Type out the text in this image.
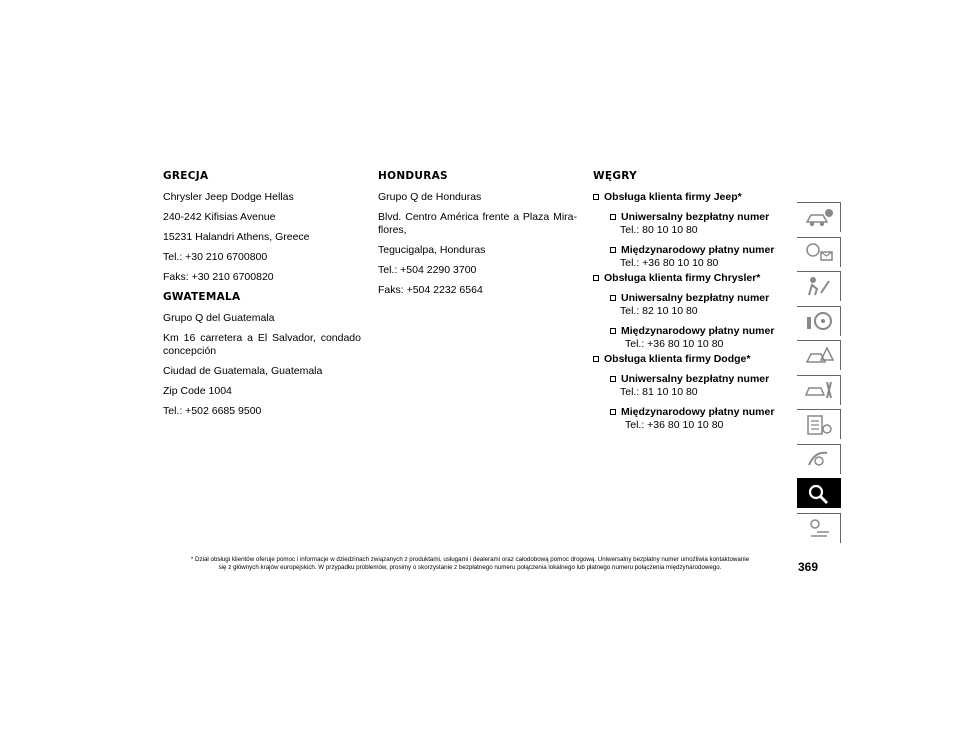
GRECJA

Chrysler Jeep Dodge Hellas

240-242 Kifisias Avenue

15231 Halandri Athens, Greece

Tel.: +30 210 6700800

Faks: +30 210 6700820

GWATEMALA

Grupo Q del Guatemala

Km 16 carretera a El Salvador, condado concepción

Ciudad de Guatemala, Guatemala

Zip Code 1004

Tel.: +502 6685 9500

HONDURAS

Grupo Q de Honduras

Blvd. Centro América frente a Plaza Mira-flores,

Tegucigalpa, Honduras

Tel.: +504 2290 3700

Faks: +504 2232 6564

WĘGRY
Obsługa klienta firmy Jeep*
Uniwersalny bezpłatny numer
Tel.: 80 10 10 80
Międzynarodowy płatny numer
Tel.: +36 80 10 10 80
Obsługa klienta firmy Chrysler*
Uniwersalny bezpłatny numer
Tel.: 82 10 10 80
Międzynarodowy płatny numer
Tel.: +36 80 10 10 80
Obsługa klienta firmy Dodge*
Uniwersalny bezpłatny numer
Tel.: 81 10 10 80
Międzynarodowy płatny numer
Tel.: +36 80 10 10 80
* Dział obsługi klientów oferuje pomoc i informacje w dziedzinach związanych z produktami, usługami i dealerami oraz całodobową pomoc drogową. Uniwersalny bezpłatny numer umożliwia kontaktowanie
się z głównych krajów europejskich. W przypadku problemów, prosimy o skorzystanie z bezpłatnego numeru połączenia lokalnego lub płatnego numeru połączenia międzynarodowego.	369
